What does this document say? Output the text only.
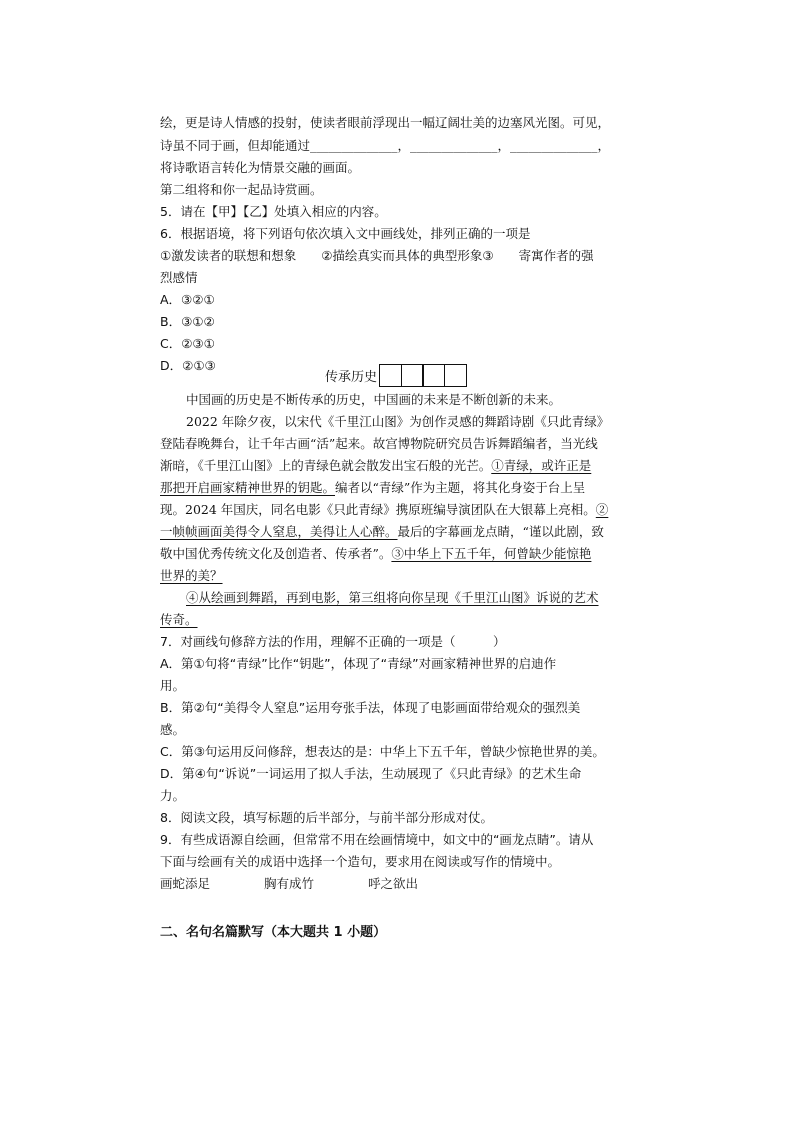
绘，更是诗人情感的投射，使读者眼前浮现出一幅辽阔壮美的边塞风光图。可见，
诗虽不同于画，但却能通过______________，______________，______________，
将诗歌语言转化为情景交融的画面。
第二组将和你一起品诗赏画。
5．请在【甲】【乙】处填入相应的内容。
6．根据语境，将下列语句依次填入文中画线处，排列正确的一项是
①激发读者的联想和想象　　②描绘真实而具体的典型形象③　　寄寓作者的强
烈感情
A．③②①
B．③①②
C．②③①
D．②①③
传承历史
中国画的历史是不断传承的历史，中国画的未来是不断创新的未来。
2022 年除夕夜，以宋代《千里江山图》为创作灵感的舞蹈诗剧《只此青绿》
登陆春晚舞台，让千年古画“活”起来。故宫博物院研究员告诉舞蹈编者，当光线
渐暗，《千里江山图》上的青绿色就会散发出宝石般的光芒。①青绿，或许正是
那把开启画家精神世界的钥匙。编者以“青绿”作为主题，将其化身姿于台上呈
现。2024 年国庆，同名电影《只此青绿》携原班编导演团队在大银幕上亮相。②
一帧帧画面美得令人窒息，美得让人心醉。最后的字幕画龙点睛，“谨以此剧，致
敬中国优秀传统文化及创造者、传承者”。③中华上下五千年，何曾缺少能惊艳
世界的美？
④从绘画到舞蹈，再到电影，第三组将向你呈现《千里江山图》诉说的艺术
传奇。
7．对画线句修辞方法的作用，理解不正确的一项是（　　　）
A．第①句将“青绿”比作“钥匙”，体现了“青绿”对画家精神世界的启迪作
用。
B．第②句“美得令人窒息”运用夸张手法，体现了电影画面带给观众的强烈美
感。
C．第③句运用反问修辞，想表达的是：中华上下五千年，曾缺少惊艳世界的美。
D．第④句“诉说”一词运用了拟人手法，生动展现了《只此青绿》的艺术生命
力。
8．阅读文段，填写标题的后半部分，与前半部分形成对仗。
9．有些成语源自绘画，但常常不用在绘画情境中，如文中的“画龙点睛”。请从
下面与绘画有关的成语中选择一个造句，要求用在阅读或写作的情境中。
画蛇添足	胸有成竹	呼之欲出
二、名句名篇默写（本大题共 1 小题）
